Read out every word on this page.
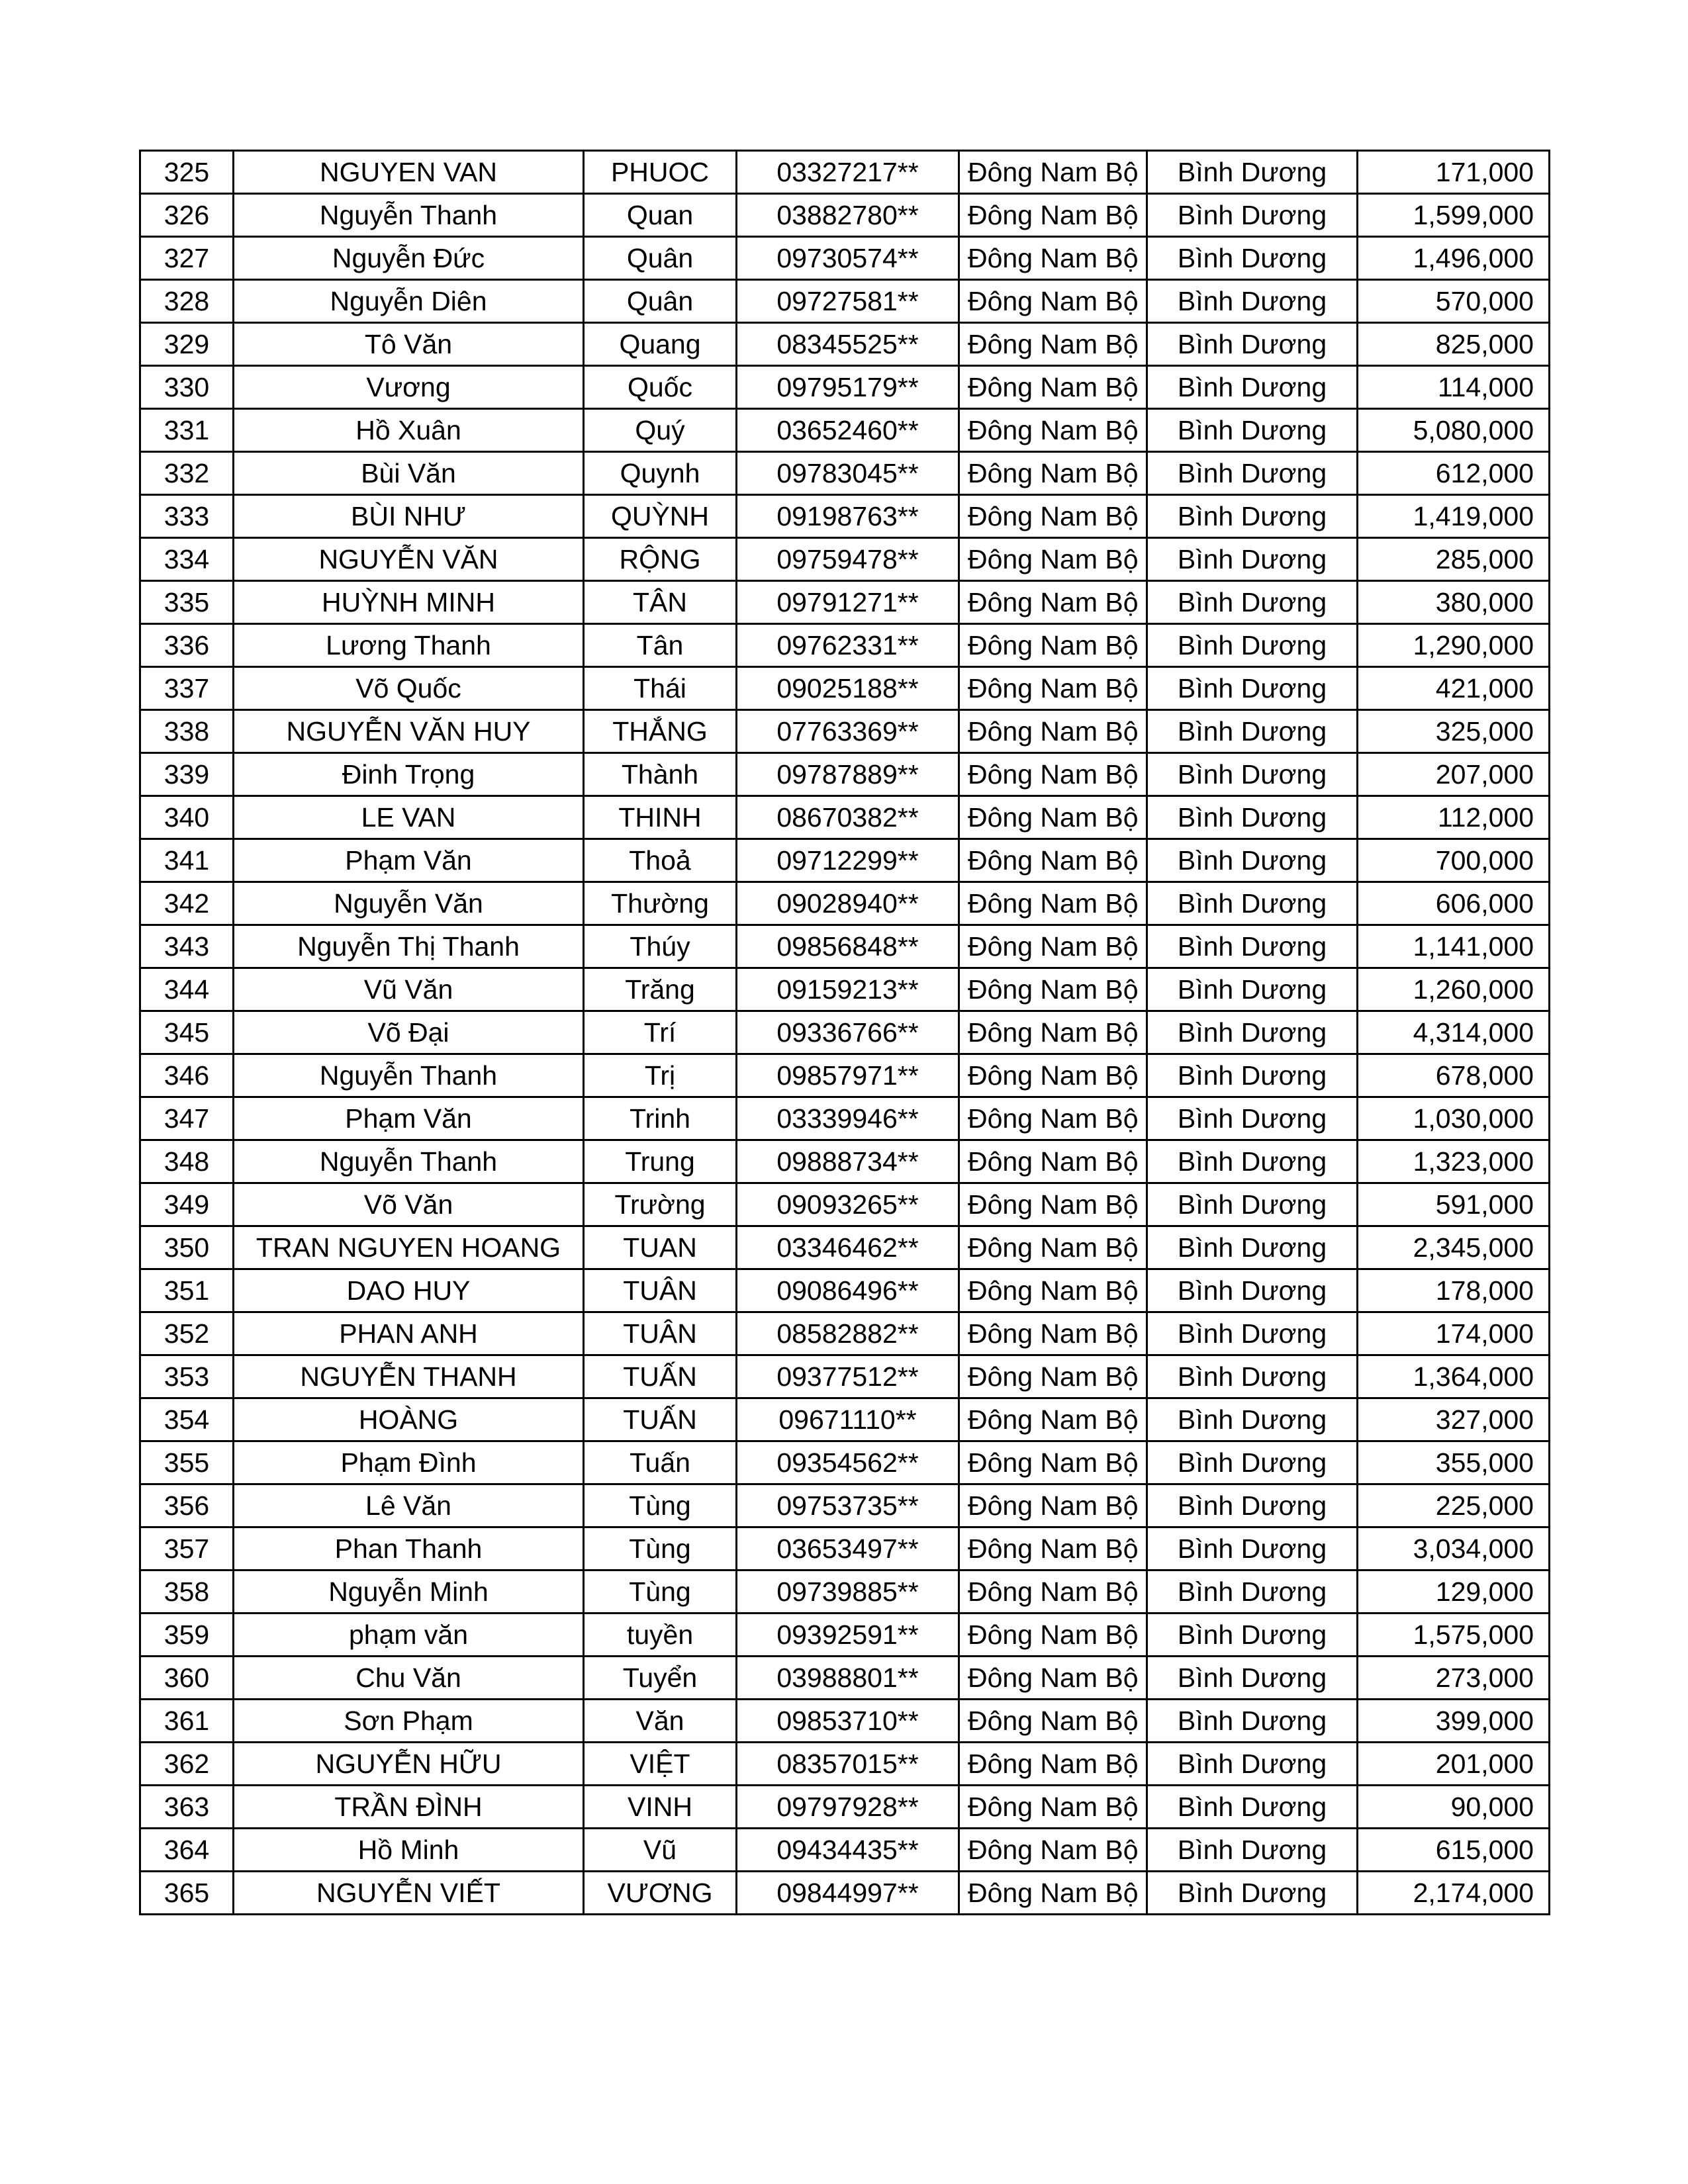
325	NGUYEN VAN	PHUOC	03327217**	Đông Nam Bộ	Bình Dương	171,000
326	Nguyễn Thanh	Quan	03882780**	Đông Nam Bộ	Bình Dương	1,599,000
327	Nguyễn Đức	Quân	09730574**	Đông Nam Bộ	Bình Dương	1,496,000
328	Nguyễn Diên	Quân	09727581**	Đông Nam Bộ	Bình Dương	570,000
329	Tô Văn	Quang	08345525**	Đông Nam Bộ	Bình Dương	825,000
330	Vương	Quốc	09795179**	Đông Nam Bộ	Bình Dương	114,000
331	Hồ Xuân	Quý	03652460**	Đông Nam Bộ	Bình Dương	5,080,000
332	Bùi Văn	Quynh	09783045**	Đông Nam Bộ	Bình Dương	612,000
333	BÙI NHƯ	QUỲNH	09198763**	Đông Nam Bộ	Bình Dương	1,419,000
334	NGUYỄN VĂN	RỘNG	09759478**	Đông Nam Bộ	Bình Dương	285,000
335	HUỲNH MINH	TÂN	09791271**	Đông Nam Bộ	Bình Dương	380,000
336	Lương Thanh	Tân	09762331**	Đông Nam Bộ	Bình Dương	1,290,000
337	Võ Quốc	Thái	09025188**	Đông Nam Bộ	Bình Dương	421,000
338	NGUYỄN VĂN HUY	THẮNG	07763369**	Đông Nam Bộ	Bình Dương	325,000
339	Đinh Trọng	Thành	09787889**	Đông Nam Bộ	Bình Dương	207,000
340	LE VAN	THINH	08670382**	Đông Nam Bộ	Bình Dương	112,000
341	Phạm Văn	Thoả	09712299**	Đông Nam Bộ	Bình Dương	700,000
342	Nguyễn Văn	Thường	09028940**	Đông Nam Bộ	Bình Dương	606,000
343	Nguyễn Thị Thanh	Thúy	09856848**	Đông Nam Bộ	Bình Dương	1,141,000
344	Vũ Văn	Trăng	09159213**	Đông Nam Bộ	Bình Dương	1,260,000
345	Võ Đại	Trí	09336766**	Đông Nam Bộ	Bình Dương	4,314,000
346	Nguyễn Thanh	Trị	09857971**	Đông Nam Bộ	Bình Dương	678,000
347	Phạm Văn	Trinh	03339946**	Đông Nam Bộ	Bình Dương	1,030,000
348	Nguyễn Thanh	Trung	09888734**	Đông Nam Bộ	Bình Dương	1,323,000
349	Võ Văn	Trường	09093265**	Đông Nam Bộ	Bình Dương	591,000
350	TRAN NGUYEN HOANG	TUAN	03346462**	Đông Nam Bộ	Bình Dương	2,345,000
351	DAO HUY	TUÂN	09086496**	Đông Nam Bộ	Bình Dương	178,000
352	PHAN ANH	TUÂN	08582882**	Đông Nam Bộ	Bình Dương	174,000
353	NGUYỄN THANH	TUẤN	09377512**	Đông Nam Bộ	Bình Dương	1,364,000
354	HOÀNG	TUẤN	09671110**	Đông Nam Bộ	Bình Dương	327,000
355	Phạm Đình	Tuấn	09354562**	Đông Nam Bộ	Bình Dương	355,000
356	Lê Văn	Tùng	09753735**	Đông Nam Bộ	Bình Dương	225,000
357	Phan Thanh	Tùng	03653497**	Đông Nam Bộ	Bình Dương	3,034,000
358	Nguyễn Minh	Tùng	09739885**	Đông Nam Bộ	Bình Dương	129,000
359	phạm văn	tuyền	09392591**	Đông Nam Bộ	Bình Dương	1,575,000
360	Chu Văn	Tuyển	03988801**	Đông Nam Bộ	Bình Dương	273,000
361	Sơn Phạm	Văn	09853710**	Đông Nam Bộ	Bình Dương	399,000
362	NGUYỄN HỮU	VIỆT	08357015**	Đông Nam Bộ	Bình Dương	201,000
363	TRẦN ĐÌNH	VINH	09797928**	Đông Nam Bộ	Bình Dương	90,000
364	Hồ Minh	Vũ	09434435**	Đông Nam Bộ	Bình Dương	615,000
365	NGUYỄN VIẾT	VƯƠNG	09844997**	Đông Nam Bộ	Bình Dương	2,174,000
